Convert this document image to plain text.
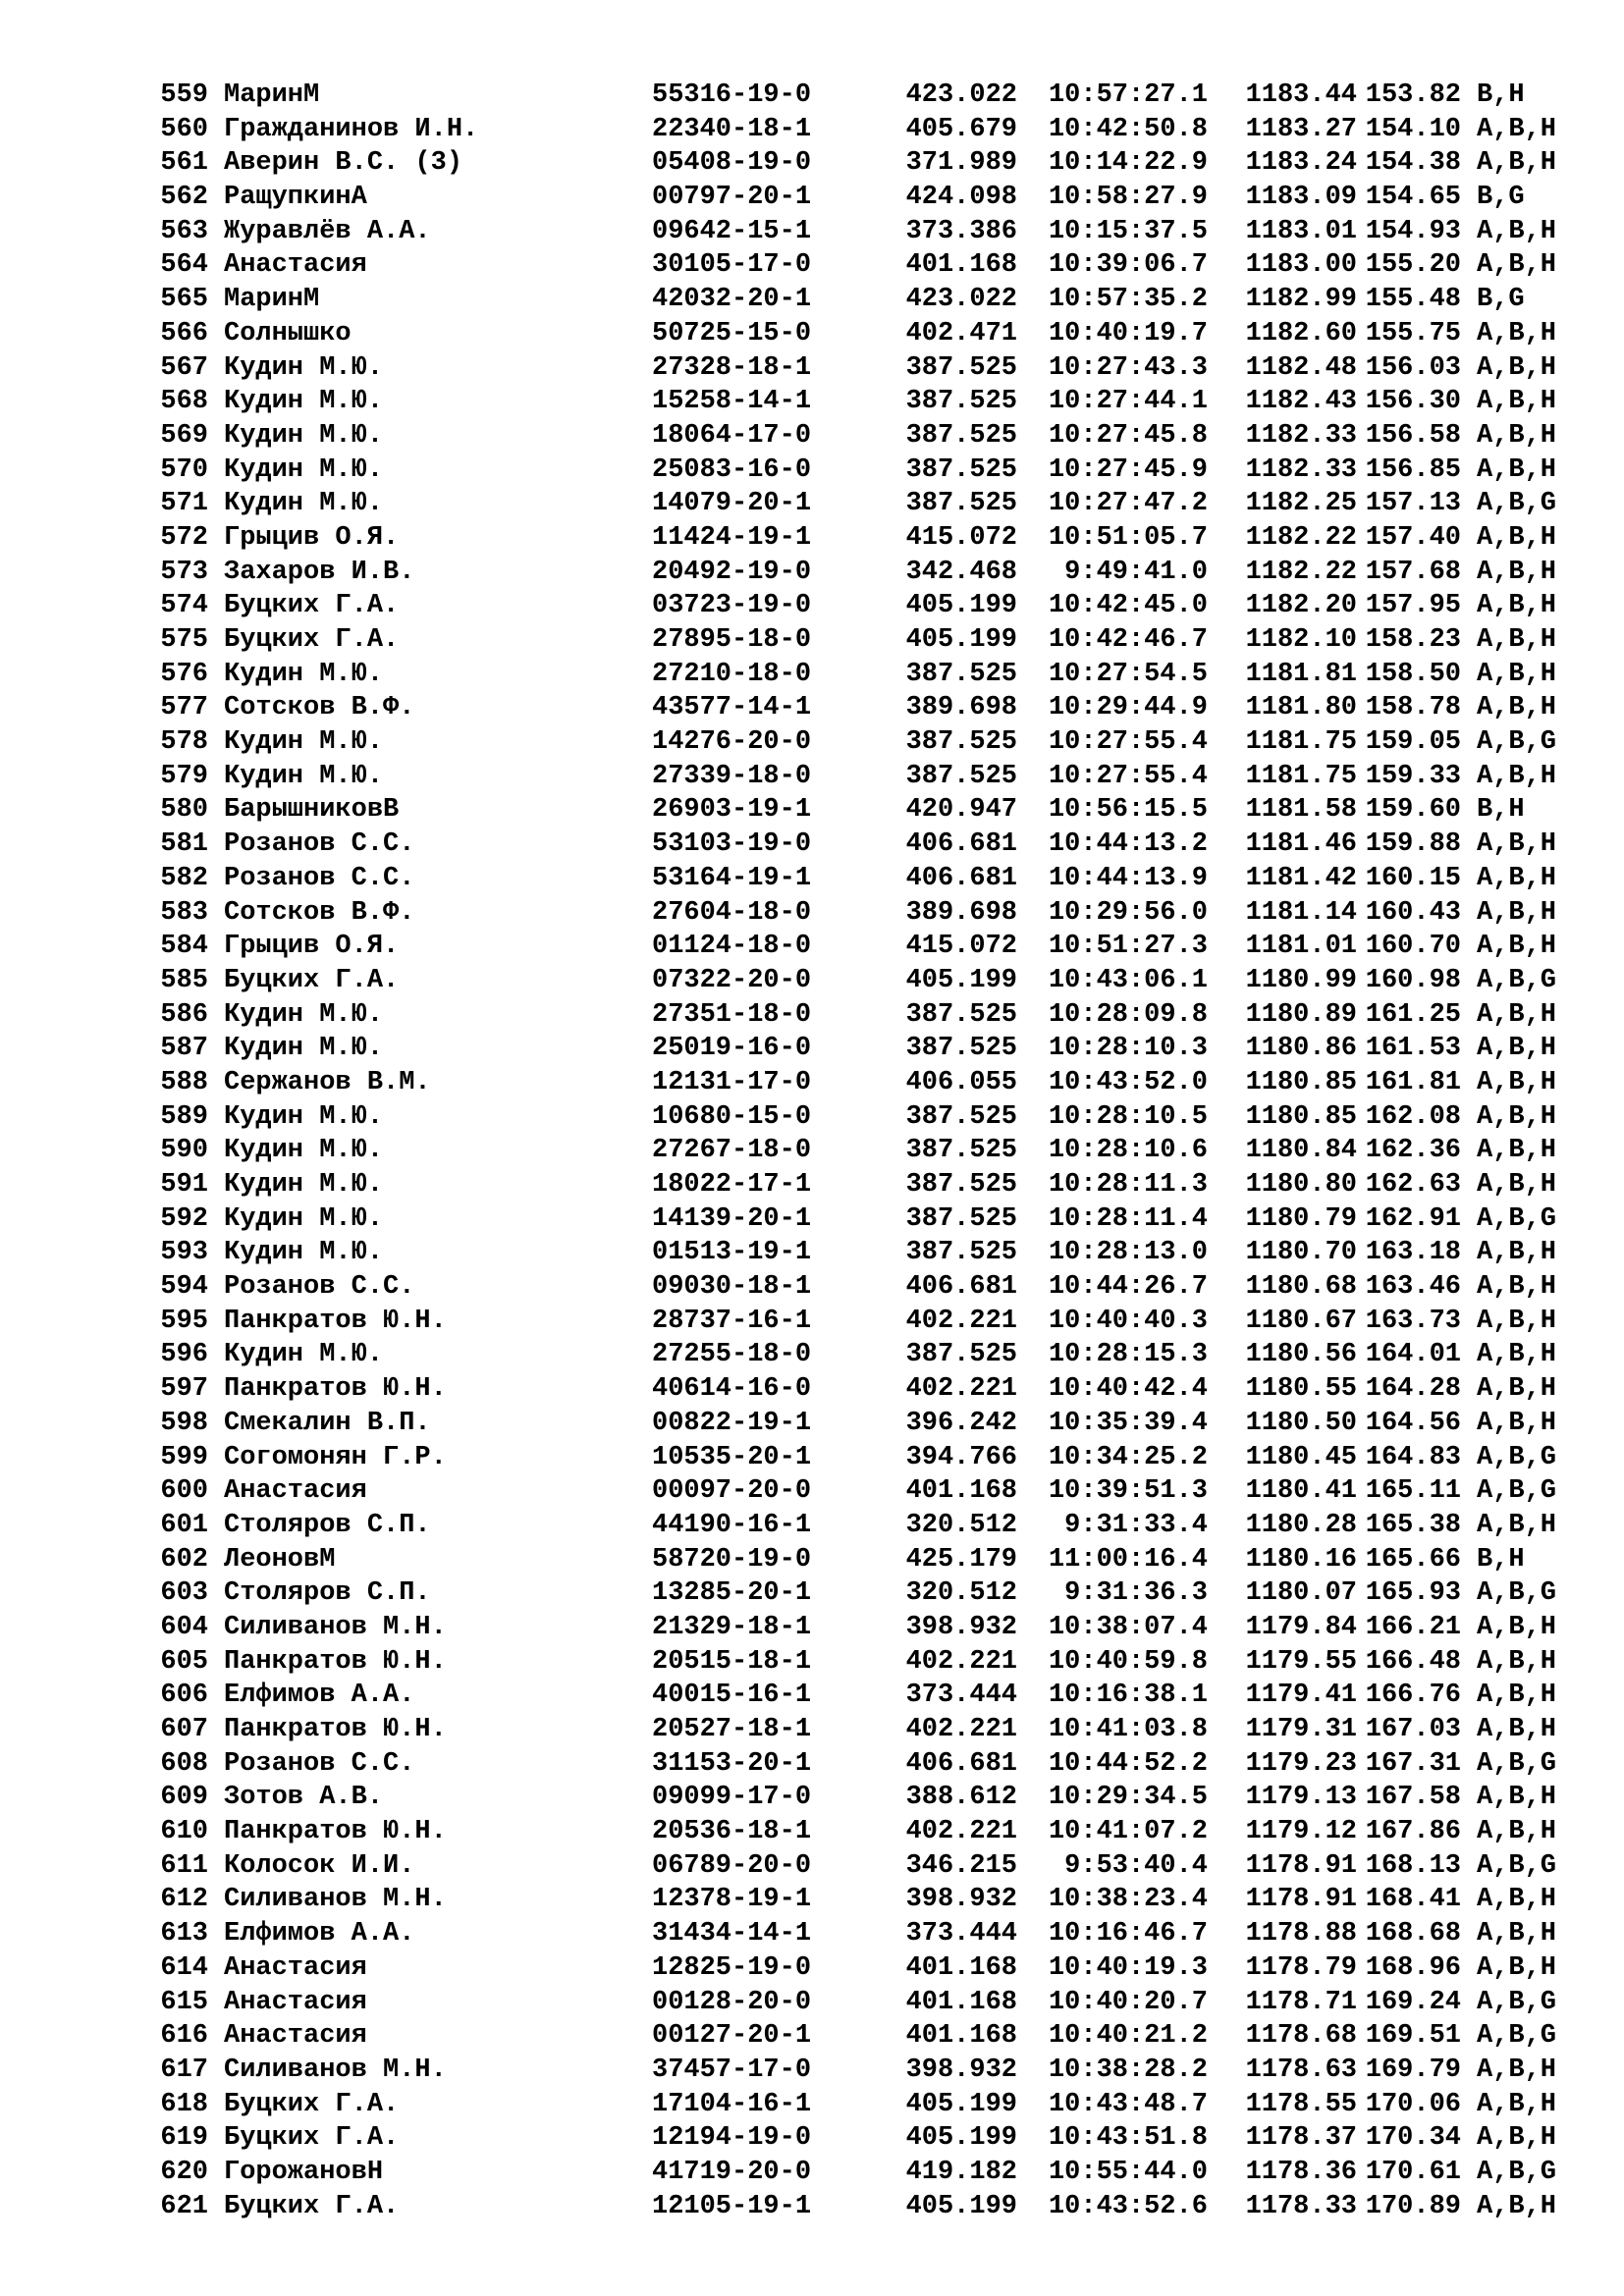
559 МаринМ	55316-19-0	423.022 10:57:27.1 1183.44 153.82 B,H
560 Гражданинов И.Н.	22340-18-1	405.679 10:42:50.8 1183.27 154.10 A,B,H
561 Аверин В.С. (3)	05408-19-0	371.989 10:14:22.9 1183.24 154.38 A,B,H
562 РащупкинА	00797-20-1	424.098 10:58:27.9 1183.09 154.65 B,G
563 Журавлёв А.А.	09642-15-1	373.386 10:15:37.5 1183.01 154.93 A,B,H
564 Анастасия	30105-17-0	401.168 10:39:06.7 1183.00 155.20 A,B,H
565 МаринМ	42032-20-1	423.022 10:57:35.2 1182.99 155.48 B,G
566 Солнышко	50725-15-0	402.471 10:40:19.7 1182.60 155.75 A,B,H
567 Кудин М.Ю.	27328-18-1	387.525 10:27:43.3 1182.48 156.03 A,B,H
568 Кудин М.Ю.	15258-14-1	387.525 10:27:44.1 1182.43 156.30 A,B,H
569 Кудин М.Ю.	18064-17-0	387.525 10:27:45.8 1182.33 156.58 A,B,H
570 Кудин М.Ю.	25083-16-0	387.525 10:27:45.9 1182.33 156.85 A,B,H
571 Кудин М.Ю.	14079-20-1	387.525 10:27:47.2 1182.25 157.13 A,B,G
572 Грыцив О.Я.	11424-19-1	415.072 10:51:05.7 1182.22 157.40 A,B,H
573 Захаров И.В.	20492-19-0	342.468 9:49:41.0 1182.22 157.68 A,B,H
574 Буцких Г.А.	03723-19-0	405.199 10:42:45.0 1182.20 157.95 A,B,H
575 Буцких Г.А.	27895-18-0	405.199 10:42:46.7 1182.10 158.23 A,B,H
576 Кудин М.Ю.	27210-18-0	387.525 10:27:54.5 1181.81 158.50 A,B,H
577 Сотсков В.Ф.	43577-14-1	389.698 10:29:44.9 1181.80 158.78 A,B,H
578 Кудин М.Ю.	14276-20-0	387.525 10:27:55.4 1181.75 159.05 A,B,G
579 Кудин М.Ю.	27339-18-0	387.525 10:27:55.4 1181.75 159.33 A,B,H
580 БарышниковВ	26903-19-1	420.947 10:56:15.5 1181.58 159.60 B,H
581 Розанов С.С.	53103-19-0	406.681 10:44:13.2 1181.46 159.88 A,B,H
582 Розанов С.С.	53164-19-1	406.681 10:44:13.9 1181.42 160.15 A,B,H
583 Сотсков В.Ф.	27604-18-0	389.698 10:29:56.0 1181.14 160.43 A,B,H
584 Грыцив О.Я.	01124-18-0	415.072 10:51:27.3 1181.01 160.70 A,B,H
585 Буцких Г.А.	07322-20-0	405.199 10:43:06.1 1180.99 160.98 A,B,G
586 Кудин М.Ю.	27351-18-0	387.525 10:28:09.8 1180.89 161.25 A,B,H
587 Кудин М.Ю.	25019-16-0	387.525 10:28:10.3 1180.86 161.53 A,B,H
588 Сержанов В.М.	12131-17-0	406.055 10:43:52.0 1180.85 161.81 A,B,H
589 Кудин М.Ю.	10680-15-0	387.525 10:28:10.5 1180.85 162.08 A,B,H
590 Кудин М.Ю.	27267-18-0	387.525 10:28:10.6 1180.84 162.36 A,B,H
591 Кудин М.Ю.	18022-17-1	387.525 10:28:11.3 1180.80 162.63 A,B,H
592 Кудин М.Ю.	14139-20-1	387.525 10:28:11.4 1180.79 162.91 A,B,G
593 Кудин М.Ю.	01513-19-1	387.525 10:28:13.0 1180.70 163.18 A,B,H
594 Розанов С.С.	09030-18-1	406.681 10:44:26.7 1180.68 163.46 A,B,H
595 Панкратов Ю.Н.	28737-16-1	402.221 10:40:40.3 1180.67 163.73 A,B,H
596 Кудин М.Ю.	27255-18-0	387.525 10:28:15.3 1180.56 164.01 A,B,H
597 Панкратов Ю.Н.	40614-16-0	402.221 10:40:42.4 1180.55 164.28 A,B,H
598 Смекалин В.П.	00822-19-1	396.242 10:35:39.4 1180.50 164.56 A,B,H
599 Согомонян Г.Р.	10535-20-1	394.766 10:34:25.2 1180.45 164.83 A,B,G
600 Анастасия	00097-20-0	401.168 10:39:51.3 1180.41 165.11 A,B,G
601 Столяров С.П.	44190-16-1	320.512 9:31:33.4 1180.28 165.38 A,B,H
602 ЛеоновМ	58720-19-0	425.179 11:00:16.4 1180.16 165.66 B,H
603 Столяров С.П.	13285-20-1	320.512 9:31:36.3 1180.07 165.93 A,B,G
604 Силиванов М.Н.	21329-18-1	398.932 10:38:07.4 1179.84 166.21 A,B,H
605 Панкратов Ю.Н.	20515-18-1	402.221 10:40:59.8 1179.55 166.48 A,B,H
606 Елфимов А.А.	40015-16-1	373.444 10:16:38.1 1179.41 166.76 A,B,H
607 Панкратов Ю.Н.	20527-18-1	402.221 10:41:03.8 1179.31 167.03 A,B,H
608 Розанов С.С.	31153-20-1	406.681 10:44:52.2 1179.23 167.31 A,B,G
609 Зотов А.В.	09099-17-0	388.612 10:29:34.5 1179.13 167.58 A,B,H
610 Панкратов Ю.Н.	20536-18-1	402.221 10:41:07.2 1179.12 167.86 A,B,H
611 Колосок И.И.	06789-20-0	346.215 9:53:40.4 1178.91 168.13 A,B,G
612 Силиванов М.Н.	12378-19-1	398.932 10:38:23.4 1178.91 168.41 A,B,H
613 Елфимов А.А.	31434-14-1	373.444 10:16:46.7 1178.88 168.68 A,B,H
614 Анастасия	12825-19-0	401.168 10:40:19.3 1178.79 168.96 A,B,H
615 Анастасия	00128-20-0	401.168 10:40:20.7 1178.71 169.24 A,B,G
616 Анастасия	00127-20-1	401.168 10:40:21.2 1178.68 169.51 A,B,G
617 Силиванов М.Н.	37457-17-0	398.932 10:38:28.2 1178.63 169.79 A,B,H
618 Буцких Г.А.	17104-16-1	405.199 10:43:48.7 1178.55 170.06 A,B,H
619 Буцких Г.А.	12194-19-0	405.199 10:43:51.8 1178.37 170.34 A,B,H
620 ГорожановН	41719-20-0	419.182 10:55:44.0 1178.36 170.61 A,B,G
621 Буцких Г.А.	12105-19-1	405.199 10:43:52.6 1178.33 170.89 A,B,H
